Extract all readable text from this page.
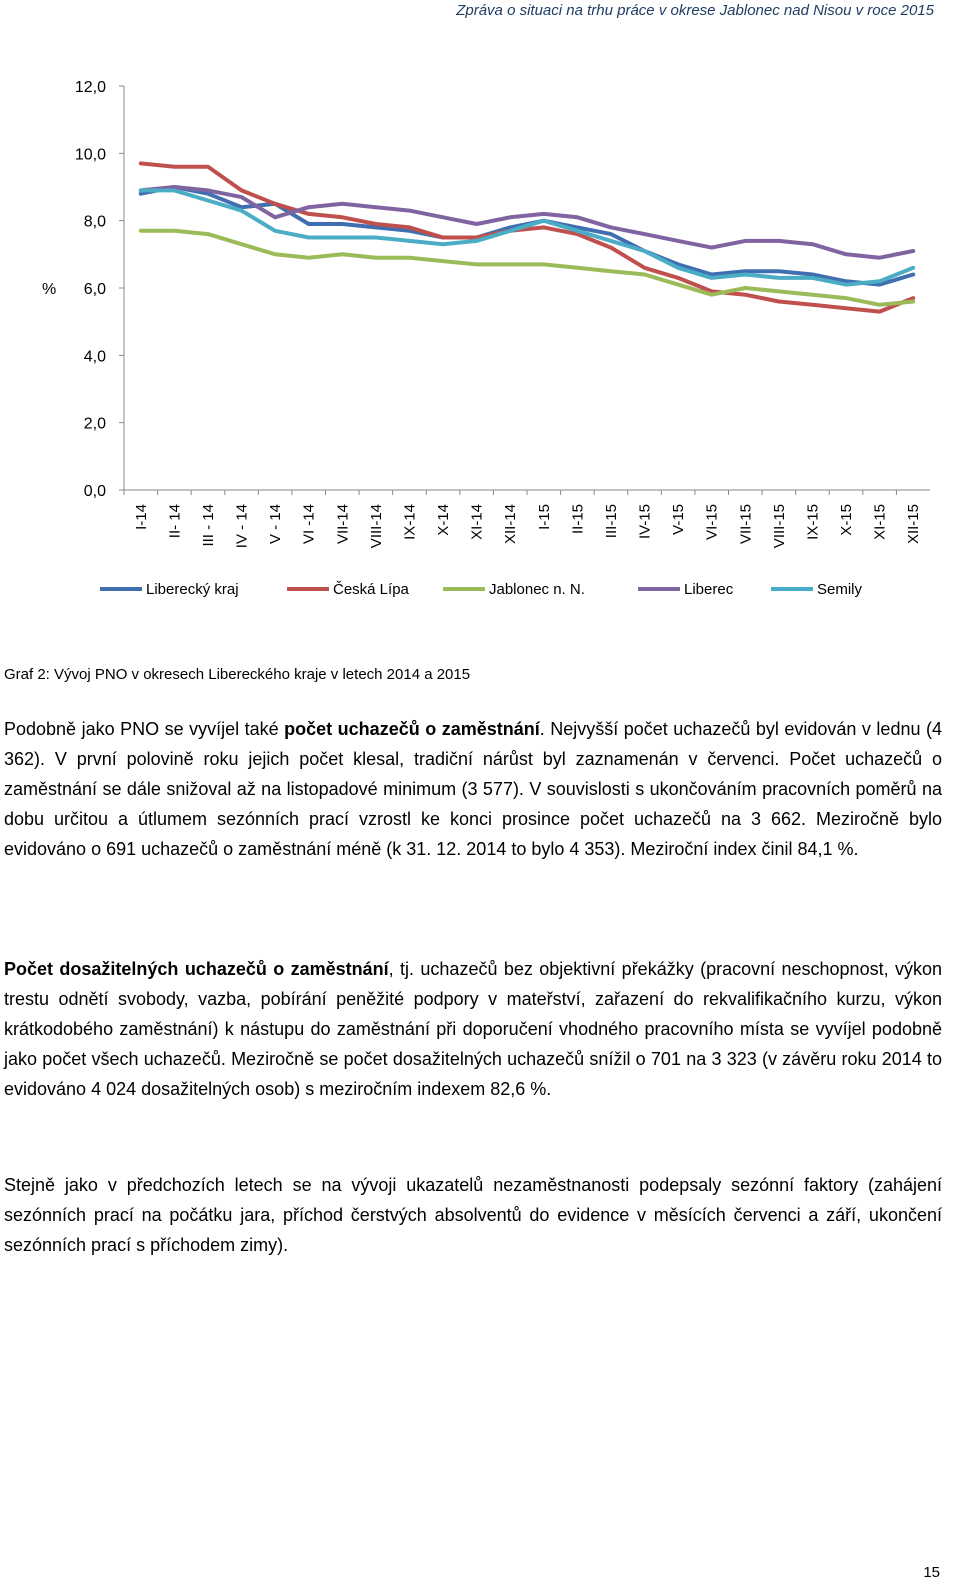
Zpráva o situaci na trhu práce v okrese Jablonec nad Nisou v roce 2015
12,0
10,0
8,0
6,0
4,0
2,0
0,0
%
I-14 II- 14 III - 14 IV - 14 V - 14 VI -14 VII-14 VIII-14 IX-14 X-14 XI-14 XII-14 I-15 II-15 III-15 IV-15 V-15 VI-15 VII-15 VIII-15 IX-15 X-15 XI-15 XII-15
Liberecký kraj	Česká Lípa	Jablonec n. N.	Liberec	Semily
Graf 2: Vývoj PNO v okresech Libereckého kraje v letech 2014 a 2015
Podobně jako PNO se vyvíjel také počet uchazečů o zaměstnání. Nejvyšší počet uchazečů byl evidován v lednu (4 362). V první polovině roku jejich počet klesal, tradiční nárůst byl zaznamenán v červenci. Počet uchazečů o zaměstnání se dále snižoval až na listopadové minimum (3 577). V souvislosti s ukončováním pracovních poměrů na dobu určitou a útlumem sezónních prací vzrostl ke konci prosince počet uchazečů na 3 662. Meziročně bylo evidováno o 691 uchazečů o zaměstnání méně (k 31. 12. 2014 to bylo 4 353). Meziroční index činil 84,1 %.
Počet dosažitelných uchazečů o zaměstnání, tj. uchazečů bez objektivní překážky (pracovní neschopnost, výkon trestu odnětí svobody, vazba, pobírání peněžité podpory v mateřství, zařazení do rekvalifikačního kurzu, výkon krátkodobého zaměstnání) k nástupu do zaměstnání při doporučení vhodného pracovního místa se vyvíjel podobně jako počet všech uchazečů. Meziročně se počet dosažitelných uchazečů snížil o 701 na 3 323 (v závěru roku 2014 to evidováno 4 024 dosažitelných osob) s meziročním indexem 82,6 %.
Stejně jako v předchozích letech se na vývoji ukazatelů nezaměstnanosti podepsaly sezónní faktory (zahájení sezónních prací na počátku jara, příchod čerstvých absolventů do evidence v měsících červenci a září, ukončení sezónních prací s příchodem zimy).
15
